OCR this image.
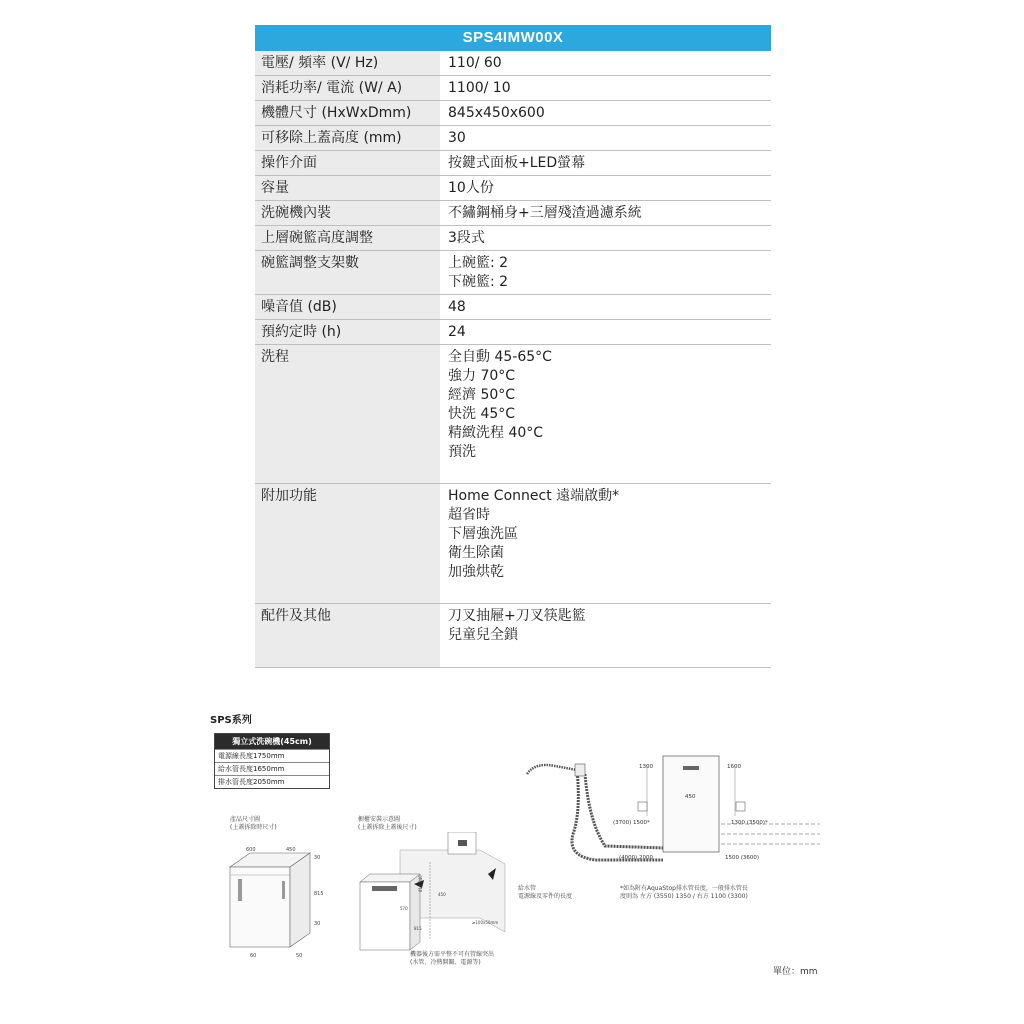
SPS4IMW00X
電壓/ 頻率 (V/ Hz)	110/ 60
消耗功率/ 電流 (W/ A)	1100/ 10
機體尺寸 (HxWxDmm)	845x450x600
可移除上蓋高度 (mm)	30
操作介面	按鍵式面板+LED螢幕
容量	10人份
洗碗機內裝	不鏽鋼桶身+三層殘渣過濾系統
上層碗籃高度調整	3段式
碗籃調整支架數	上碗籃: 2
下碗籃: 2
噪音值 (dB)	48
預約定時 (h)	24
洗程	全自動 45-65°C
強力 70°C
經濟 50°C
快洗 45°C
精緻洗程 40°C
預洗
附加功能	Home Connect 遠端啟動*
超省時
下層強洗區
衛生除菌
加強烘乾
配件及其他	刀叉抽屜+刀叉筷匙籃
兒童兒全鎖
SPS系列
獨立式洗碗機(45cm)
電源線長度1750mm
給水管長度1650mm
排水管長度2050mm
產品尺寸圖
(上蓋拆除時尺寸)
600	450
30
815
30
50
60
橱櫃安裝示意圖
(上蓋拆除上蓋後尺寸)
815-840
450
570
815
≥100x50mm
機器後方需平整不可有管線突出
(水管、冷熱開關、電源等)
1300	1600
450
(3700) 1500*	1300 (3500)*
(4000) 2000	1500 (3600)
給水管
電源線及零件的長度
*如為附有AquaStop排水管長度，一般排水管長
度則為 左方 (3550) 1350 / 右方 1100 (3300)
單位：mm
